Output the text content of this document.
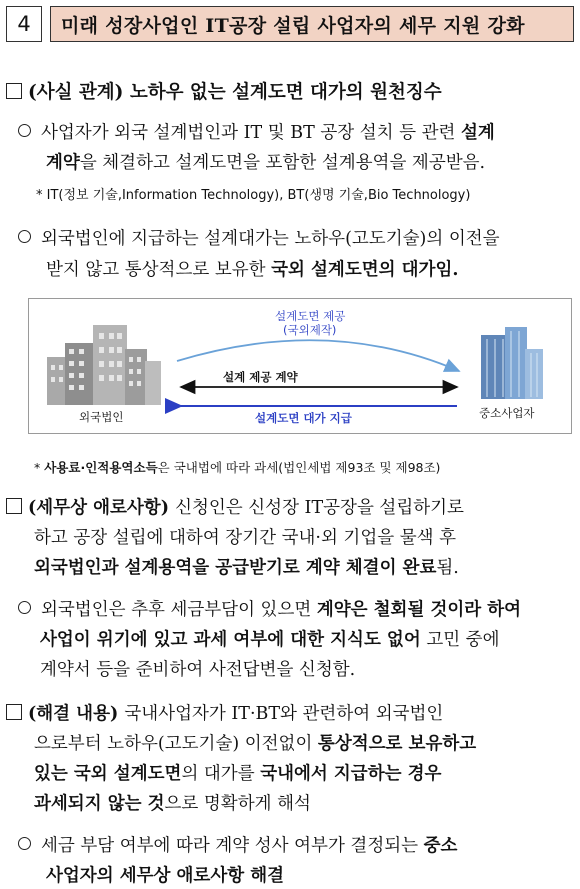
4 미래 성장사업인 IT공장 설립 사업자의 세무 지원 강화
(사실 관계) 노하우 없는 설계도면 대가의 원천징수
사업자가 외국 설계법인과 IT 및 BT 공장 설치 등 관련 설계
계약을 체결하고 설계도면을 포함한 설계용역을 제공받음.
* IT(정보 기술,Information Technology), BT(생명 기술,Bio Technology)
외국법인에 지급하는 설계대가는 노하우(고도기술)의 이전을
받지 않고 통상적으로 보유한 국외 설계도면의 대가임.
설계도면 제공
(국외제작)
설계 제공 계약
설계도면 대가 지급
외국법인	중소사업자
* 사용료·인적용역소득은 국내법에 따라 과세(법인세법 제93조 및 제98조)
(세무상 애로사항) 신청인은 신성장 IT공장을 설립하기로
하고 공장 설립에 대하여 장기간 국내·외 기업을 물색 후
외국법인과 설계용역을 공급받기로 계약 체결이 완료됨.
외국법인은 추후 세금부담이 있으면 계약은 철회될 것이라 하여
사업이 위기에 있고 과세 여부에 대한 지식도 없어 고민 중에
계약서 등을 준비하여 사전답변을 신청함.
(해결 내용) 국내사업자가 IT·BT와 관련하여 외국법인
으로부터 노하우(고도기술) 이전없이 통상적으로 보유하고
있는 국외 설계도면의 대가를 국내에서 지급하는 경우
과세되지 않는 것으로 명확하게 해석
세금 부담 여부에 따라 계약 성사 여부가 결정되는 중소
사업자의 세무상 애로사항 해결
